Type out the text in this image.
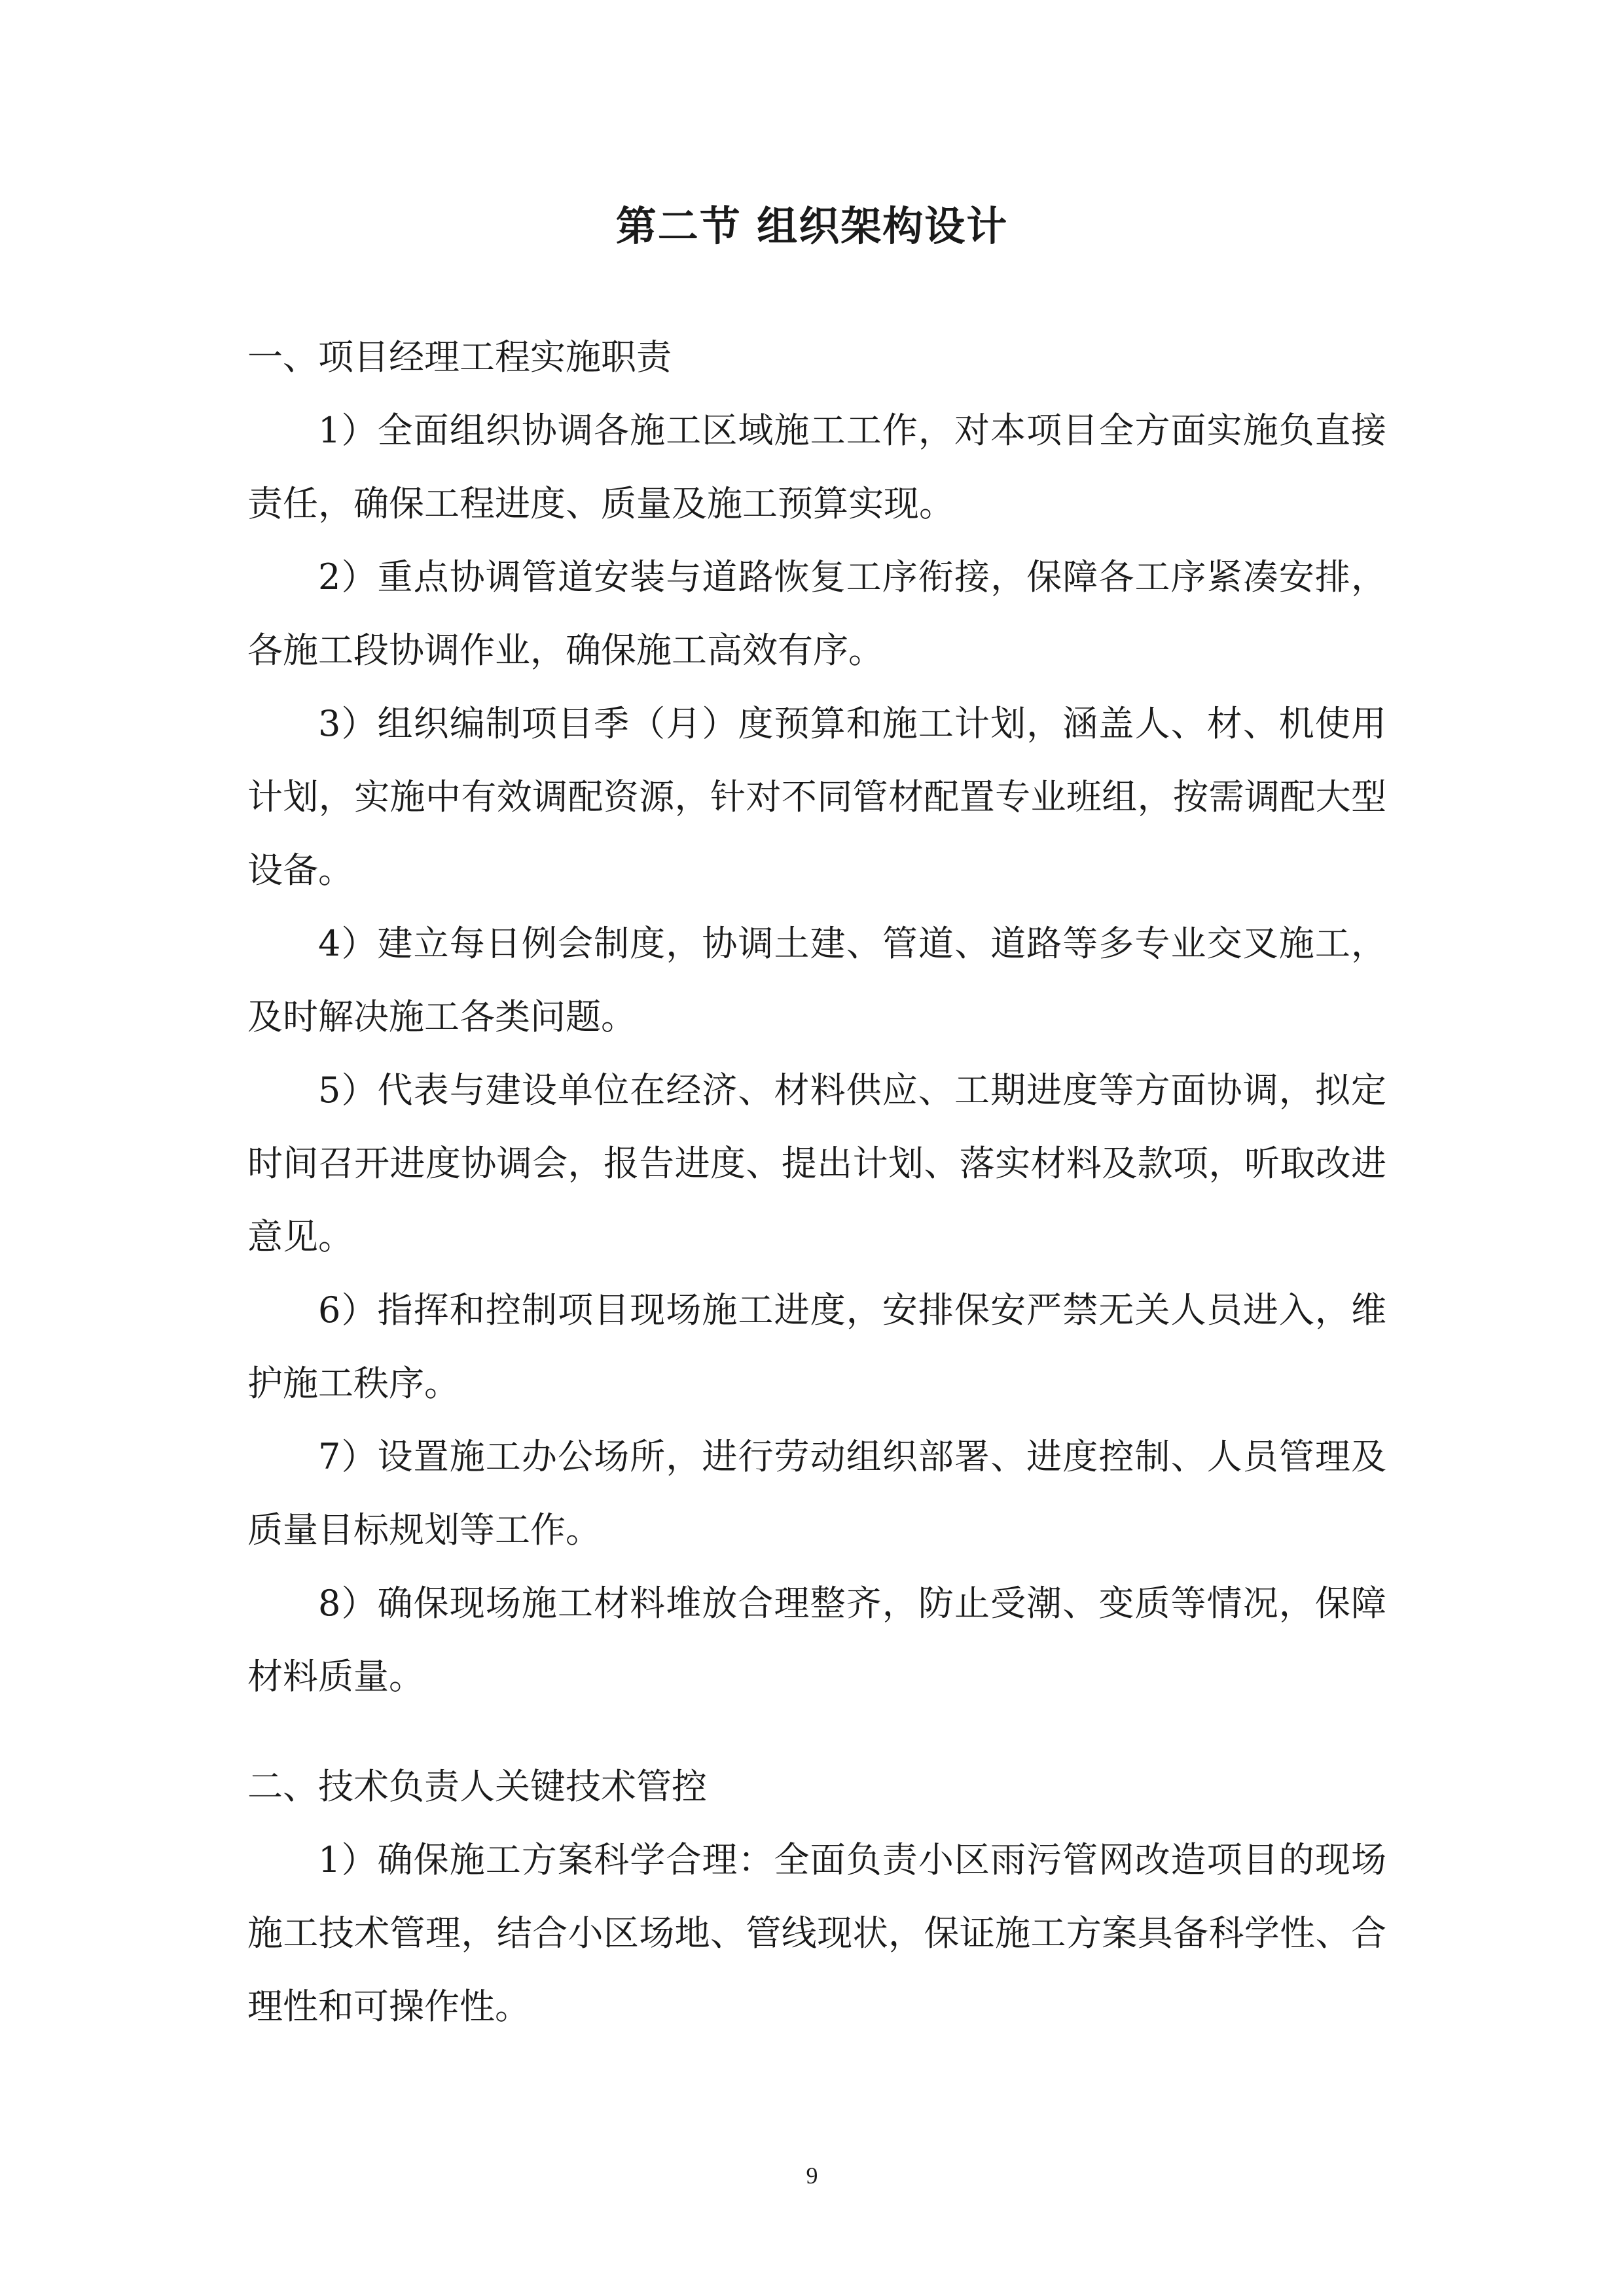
第二节 组织架构设计
一、项目经理工程实施职责

1）全面组织协调各施工区域施工工作，对本项目全方面实施负直接责任，确保工程进度、质量及施工预算实现。

2）重点协调管道安装与道路恢复工序衔接，保障各工序紧凑安排，各施工段协调作业，确保施工高效有序。

3）组织编制项目季（月）度预算和施工计划，涵盖人、材、机使用计划，实施中有效调配资源，针对不同管材配置专业班组，按需调配大型设备。

4）建立每日例会制度，协调土建、管道、道路等多专业交叉施工，及时解决施工各类问题。

5）代表与建设单位在经济、材料供应、工期进度等方面协调，拟定时间召开进度协调会，报告进度、提出计划、落实材料及款项，听取改进意见。

6）指挥和控制项目现场施工进度，安排保安严禁无关人员进入，维护施工秩序。

7）设置施工办公场所，进行劳动组织部署、进度控制、人员管理及质量目标规划等工作。

8）确保现场施工材料堆放合理整齐，防止受潮、变质等情况，保障材料质量。

二、技术负责人关键技术管控

1）确保施工方案科学合理：全面负责小区雨污管网改造项目的现场施工技术管理，结合小区场地、管线现状，保证施工方案具备科学性、合理性和可操作性。

9
